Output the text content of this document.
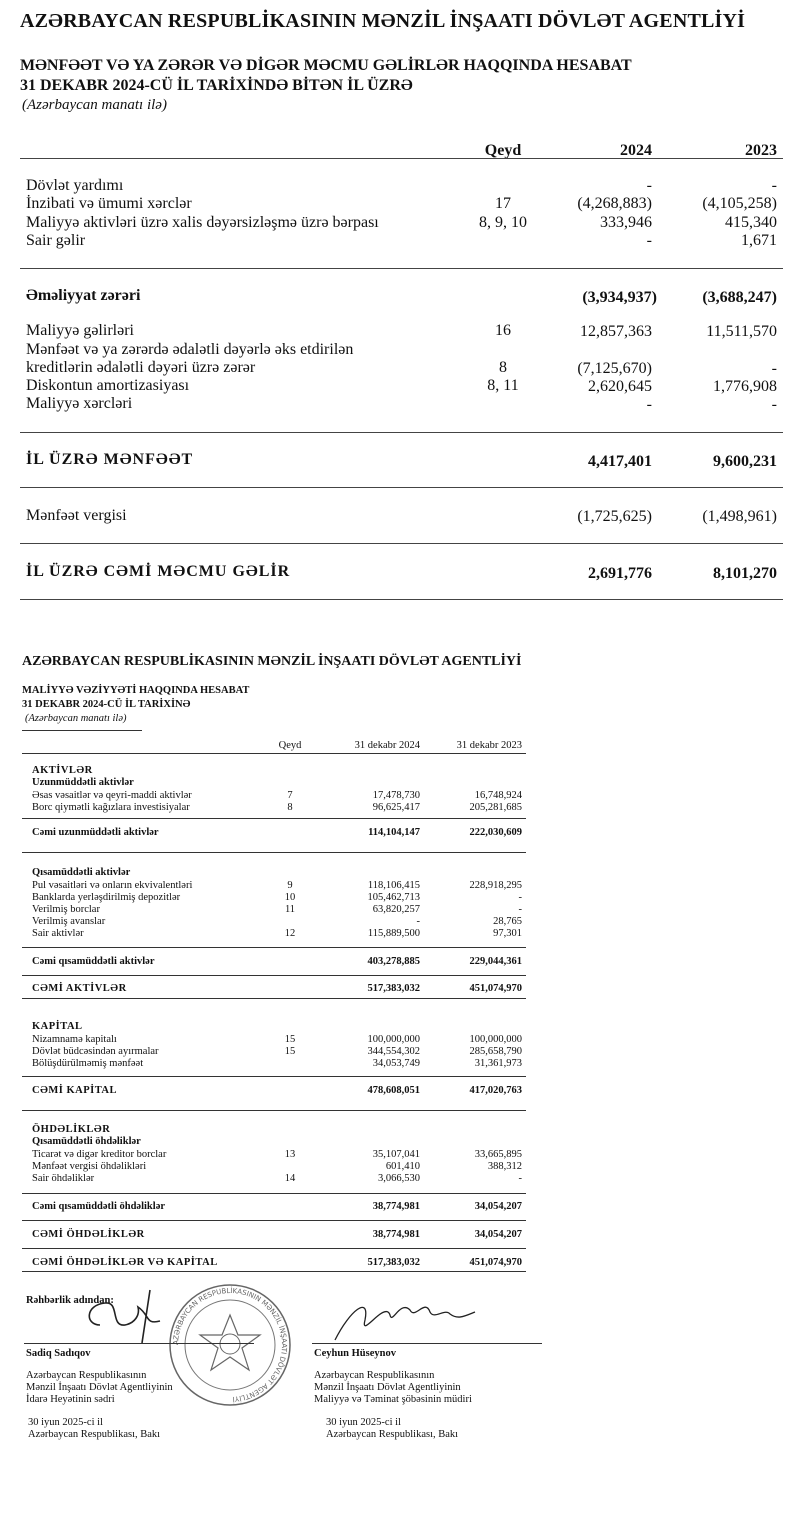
AZƏRBAYCAN RESPUBLİKASININ MƏNZİL İNŞAATI DÖVLƏT AGENTLİYİ
MƏNFƏƏT VƏ YA ZƏRƏR VƏ DİGƏR MƏCMU GƏLİRLƏR HAQQINDA HESABAT
31 DEKABR 2024-CÜ İL TARİXİNDƏ BİTƏN İL ÜZRƏ
(Azərbaycan manatı ilə)
Qeyd	2024	2023
Dövlət yardımı	-	-
İnzibati və ümumi xərclər	17	(4,268,883)	(4,105,258)
Maliyyə aktivləri üzrə xalis dəyərsizləşmə üzrə bərpası	8, 9, 10	333,946	415,340
Sair gəlir	-	1,671
Əməliyyat zərəri	(3,934,937)	(3,688,247)
Maliyyə gəlirləri	16	12,857,363	11,511,570
Mənfəət və ya zərərdə ədalətli dəyərlə əks etdirilən
kreditlərin ədalətli dəyəri üzrə zərər	8	(7,125,670)	-
Diskontun amortizasiyası	8, 11	2,620,645	1,776,908
Maliyyə xərcləri	-	-
İL ÜZRƏ MƏNFƏƏT	4,417,401	9,600,231
Mənfəət vergisi	(1,725,625)	(1,498,961)
İL ÜZRƏ CƏMİ MƏCMU GƏLİR	2,691,776	8,101,270
AZƏRBAYCAN RESPUBLİKASININ MƏNZİL İNŞAATI DÖVLƏT AGENTLİYİ
MALİYYƏ VƏZİYYƏTİ HAQQINDA HESABAT
31 DEKABR 2024-CÜ İL TARİXİNƏ
(Azərbaycan manatı ilə)
Qeyd	31 dekabr 2024	31 dekabr 2023
AKTİVLƏR
Uzunmüddətli aktivlər
Əsas vəsaitlər və qeyri-maddi aktivlər	7	17,478,730	16,748,924
Borc qiymətli kağızlara investisiyalar	8	96,625,417	205,281,685
Cəmi uzunmüddətli aktivlər	114,104,147	222,030,609
Qısamüddətli aktivlər
Pul vəsaitləri və onların ekvivalentləri	9	118,106,415	228,918,295
Banklarda yerləşdirilmiş depozitlər	10	105,462,713	-
Verilmiş borclar	11	63,820,257	-
Verilmiş avanslar	-	28,765
Sair aktivlər	12	115,889,500	97,301
Cəmi qısamüddətli aktivlər	403,278,885	229,044,361
CƏMİ AKTİVLƏR	517,383,032	451,074,970
KAPİTAL
Nizamnamə kapitalı	15	100,000,000	100,000,000
Dövlət büdcəsindən ayırmalar	15	344,554,302	285,658,790
Bölüşdürülməmiş mənfəət	34,053,749	31,361,973
CƏMİ KAPİTAL	478,608,051	417,020,763
ÖHDƏLİKLƏR
Qısamüddətli öhdəliklər
Ticarət və digər kreditor borclar	13	35,107,041	33,665,895
Mənfəət vergisi öhdəlikləri	601,410	388,312
Sair öhdəliklər	14	3,066,530	-
Cəmi qısamüddətli öhdəliklər	38,774,981	34,054,207
CƏMİ ÖHDƏLİKLƏR	38,774,981	34,054,207
CƏMİ ÖHDƏLİKLƏR VƏ KAPİTAL	517,383,032	451,074,970
Rəhbərlik adından:
AZƏRBAYCAN RESPUBLİKASININ MƏNZİL İNŞAATI DÖVLƏT AGENTLİYİ
Sadiq Sadıqov
Azərbaycan Respublikasının
Mənzil İnşaatı Dövlət Agentliyinin
İdarə Heyətinin sədri
30 iyun 2025-ci il
Azərbaycan Respublikası, Bakı
Ceyhun Hüseynov
Azərbaycan Respublikasının
Mənzil İnşaatı Dövlət Agentliyinin
Maliyyə və Təminat şöbəsinin müdiri
30 iyun 2025-ci il
Azərbaycan Respublikası, Bakı
